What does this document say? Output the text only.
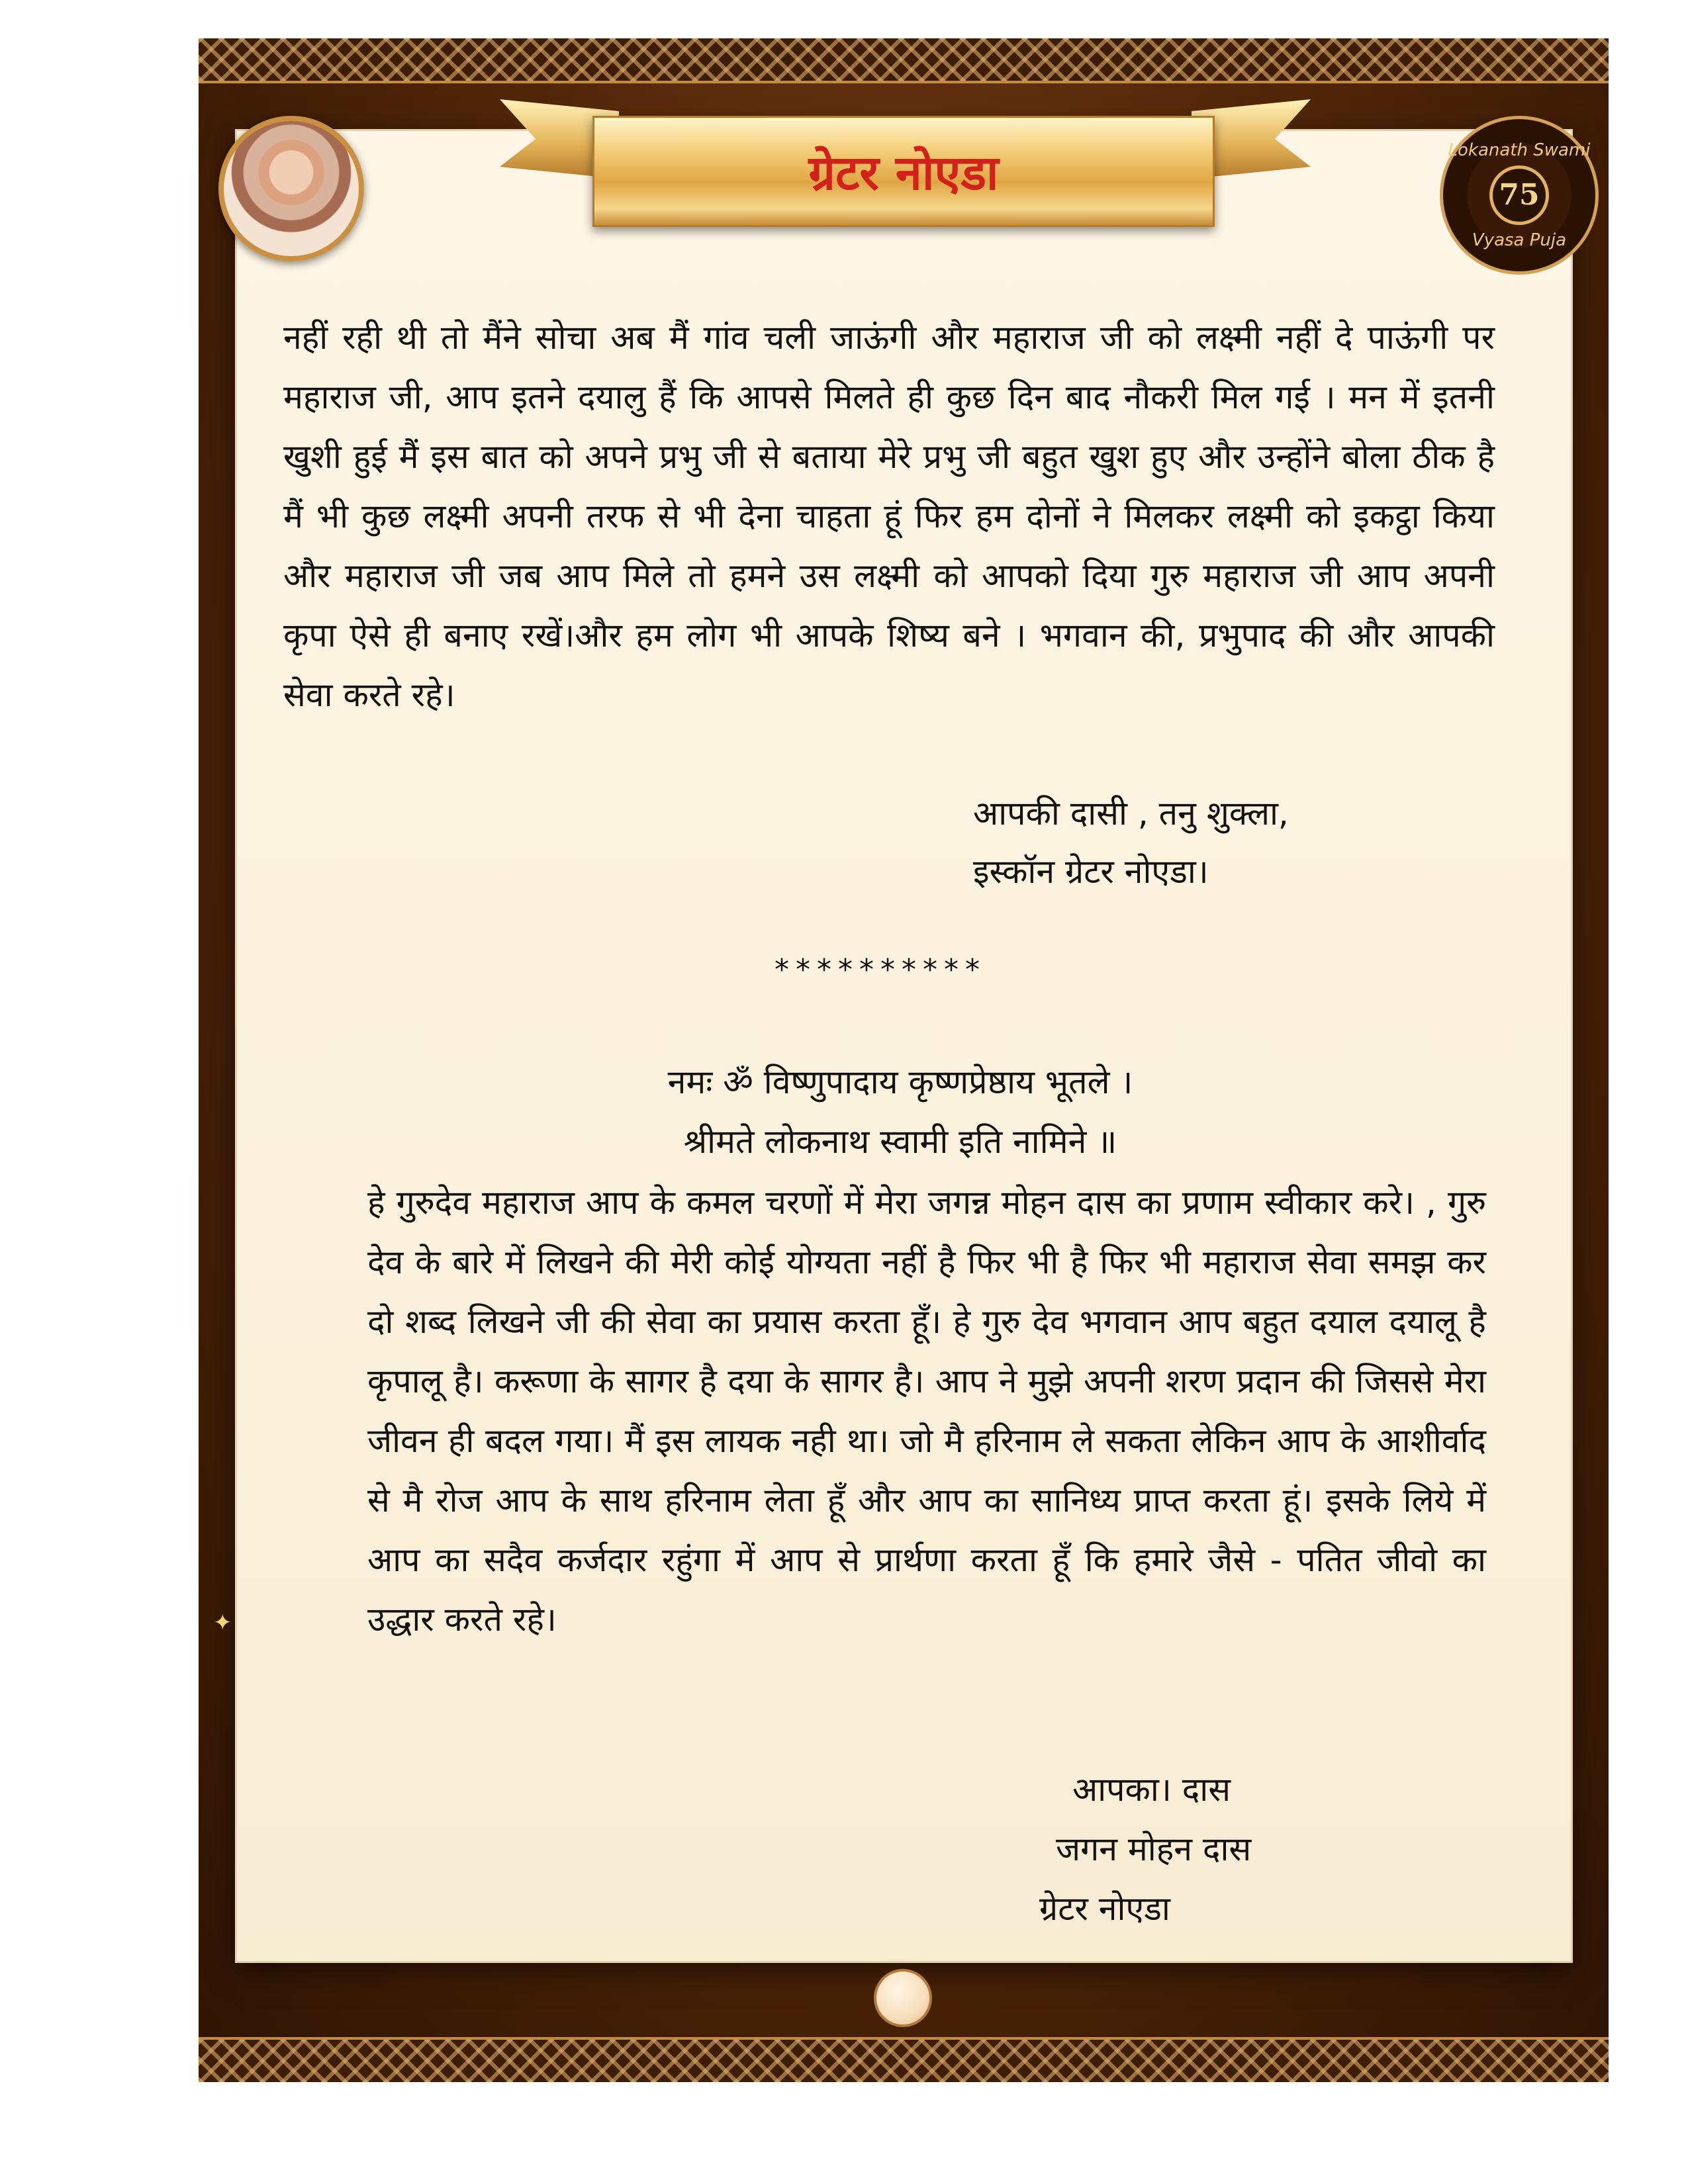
Lokanath Swami
75
Vyasa Puja
ग्रेटर नोएडा

नहीं रही थी तो मैंने सोचा अब मैं गांव चली जाऊंगी और महाराज जी को लक्ष्मी नहीं दे पाऊंगी पर महाराज जी, आप इतने दयालु हैं कि आपसे मिलते ही कुछ दिन बाद नौकरी मिल गई । मन में इतनी खुशी हुई मैं इस बात को अपने प्रभु जी से बताया मेरे प्रभु जी बहुत खुश हुए और उन्होंने बोला ठीक है मैं भी कुछ लक्ष्मी अपनी तरफ से भी देना चाहता हूं फिर हम दोनों ने मिलकर लक्ष्मी को इकट्ठा किया और महाराज जी जब आप मिले तो हमने उस लक्ष्मी को आपको दिया गुरु महाराज जी आप अपनी कृपा ऐसे ही बनाए रखें।और हम लोग भी आपके शिष्य बने । भगवान की, प्रभुपाद की और आपकी सेवा करते रहे।

आपकी दासी , तनु शुक्ला,
इस्कॉन ग्रेटर नोएडा।
**********
नमः ॐ विष्णुपादाय कृष्णप्रेष्ठाय भूतले ।
श्रीमते लोकनाथ स्वामी इति नामिने ॥

हे गुरुदेव महाराज आप के कमल चरणों में मेरा जगन्न मोहन दास का प्रणाम स्वीकार करे। , गुरु देव के बारे में लिखने की मेरी कोई योग्यता नहीं है फिर भी है फिर भी महाराज सेवा समझ कर दो शब्द लिखने जी की सेवा का प्रयास करता हूँ। हे गुरु देव भगवान आप बहुत दयाल दयालू है कृपालू है। करूणा के सागर है दया के सागर है। आप ने मुझे अपनी शरण प्रदान की जिससे मेरा जीवन ही बदल गया। मैं इस लायक नही था। जो मै हरिनाम ले सकता लेकिन आप के आशीर्वाद से मै रोज आप के साथ हरिनाम लेता हूँ और आप का सानिध्य प्राप्त करता हूं। इसके लिये में आप का सदैव कर्जदार रहुंगा में आप से प्रार्थणा करता हूँ कि हमारे जैसे - पतित जीवो का उद्धार करते रहे।

आपका। दास
जगन मोहन दास
ग्रेटर नोएडा
✦
